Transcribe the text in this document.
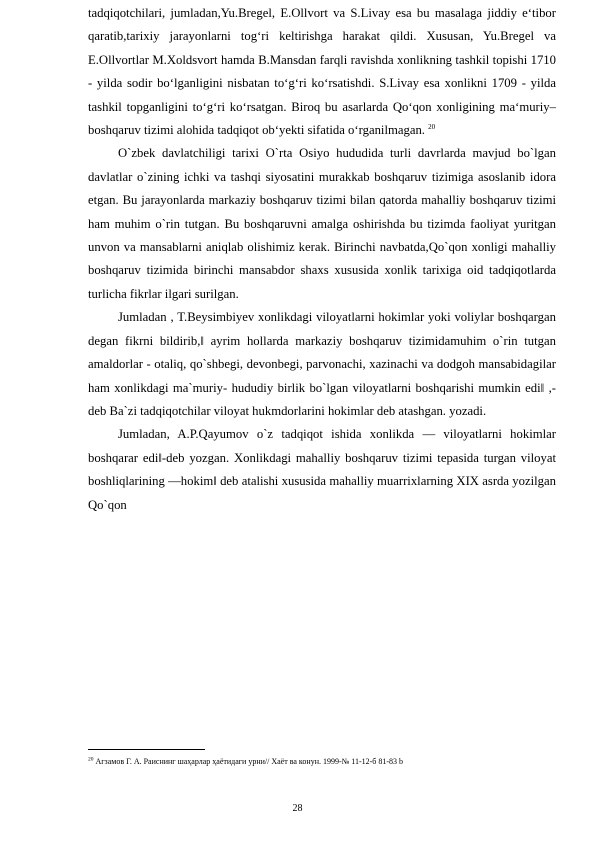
tadqiqotchilari, jumladan,Yu.Bregel, E.Ollvort va S.Livay esa bu masalaga jiddiy e‘tibor qaratib,tarixiy jarayonlarni tog‘ri keltirishga harakat qildi. Xususan, Yu.Bregel va E.Ollvortlar M.Xoldsvort hamda B.Mansdan farqli ravishda xonlikning tashkil topishi 1710 - yilda sodir bo‘lganligini nisbatan to‘g‘ri ko‘rsatishdi. S.Livay esa xonlikni 1709 - yilda tashkil topganligini to‘g‘ri ko‘rsatgan. Biroq bu asarlarda Qo‘qon xonligining ma‘muriy–boshqaruv tizimi alohida tadqiqot ob‘yekti sifatida o‘rganilmagan. $^{20}$

O`zbek davlatchiligi tarixi O`rta Osiyo hududida turli davrlarda mavjud bo`lgan davlatlar o`zining ichki va tashqi siyosatini murakkab boshqaruv tizimiga asoslanib idora etgan. Bu jarayonlarda markaziy boshqaruv tizimi bilan qatorda mahalliy boshqaruv tizimi ham muhim o`rin tutgan. Bu boshqaruvni amalga oshirishda bu tizimda faoliyat yuritgan unvon va mansablarni aniqlab olishimiz kerak. Birinchi navbatda,Qo`qon xonligi mahalliy boshqaruv tizimida birinchi mansabdor shaxs xususida xonlik tarixiga oid tadqiqotlarda turlicha fikrlar ilgari surilgan.

Jumladan , T.Beysimbiyev xonlikdagi viloyatlarni hokimlar yoki voliylar boshqargan degan fikrni bildirib,‖ ayrim hollarda markaziy boshqaruv tizimidamuhim o`rin tutgan amaldorlar - otaliq, qo`shbegi, devonbegi, parvonachi, xazinachi va dodgoh mansabidagilar ham xonlikdagi ma`muriy- hududiy birlik bo`lgan viloyatlarni boshqarishi mumkin edi‖ ,-deb Ba`zi tadqiqotchilar viloyat hukmdorlarini hokimlar deb atashgan. yozadi.

Jumladan, A.P.Qayumov o`z tadqiqot ishida xonlikda ― viloyatlarni hokimlar boshqarar edi‖-deb yozgan. Xonlikdagi mahalliy boshqaruv tizimi tepasida turgan viloyat boshliqlarining ―hokim‖ deb atalishi xususida mahalliy muarrixlarning XIX asrda yozilgan Qo`qon

$^{20}$ Агзамов Г. А. Раиснинг шаҳарлар ҳаётидаги урни// Хаёт ва конун. 1999-№ 11-12-б 81-83 b
28
